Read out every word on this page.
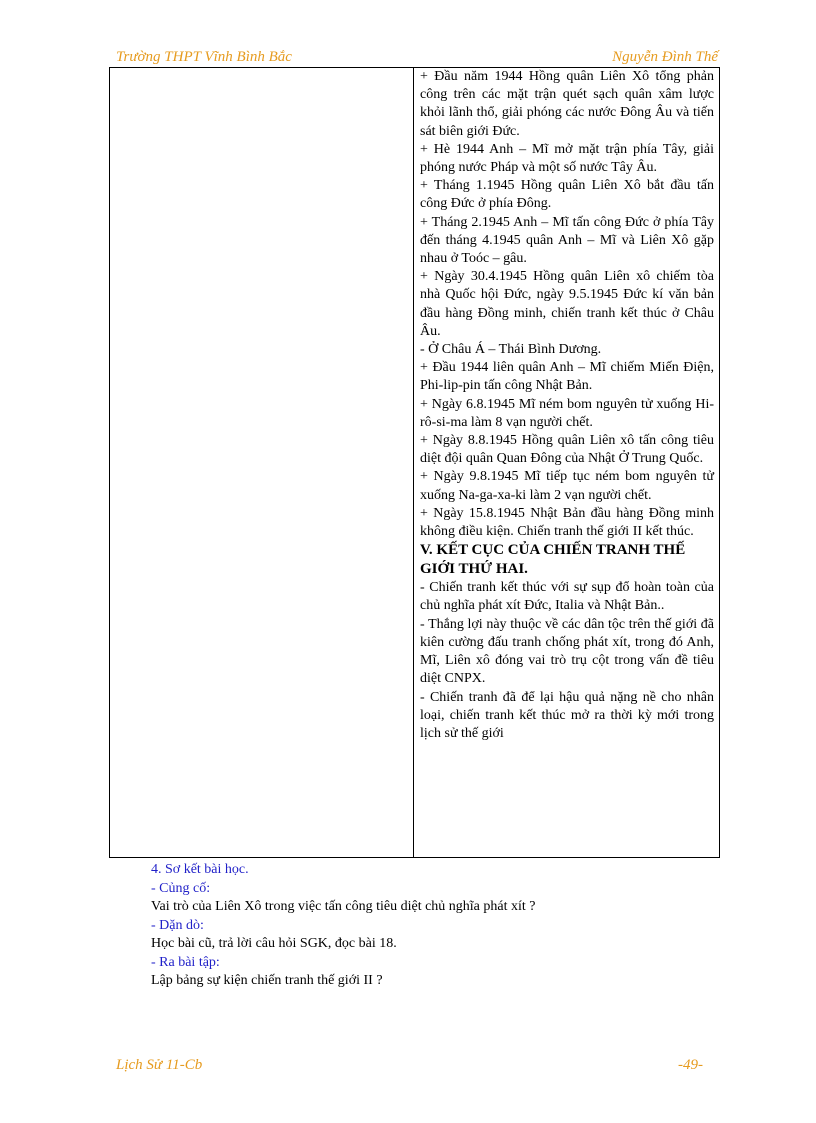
Trường THPT Vĩnh Bình Bắc	Nguyễn Đình Thế

+ Đầu năm 1944 Hồng quân Liên Xô tổng phản công trên các mặt trận quét sạch quân xâm lược khỏi lãnh thổ, giải phóng các nước Đông Âu và tiến sát biên giới Đức.

+ Hè 1944 Anh – Mĩ mở mặt trận phía Tây, giải phóng nước Pháp và một số nước Tây Âu.

+ Tháng 1.1945 Hồng quân Liên Xô bắt đầu tấn công Đức ở phía Đông.

+ Tháng 2.1945 Anh – Mĩ tấn công Đức ở phía Tây đến tháng 4.1945 quân Anh – Mĩ và Liên Xô gặp nhau ở Toóc – gâu.

+ Ngày 30.4.1945 Hồng quân Liên xô chiếm tòa nhà Quốc hội Đức, ngày 9.5.1945 Đức kí văn bản đầu hàng Đồng minh, chiến tranh kết thúc ở Châu Âu.

- Ở Châu Á – Thái Bình Dương.

+ Đầu 1944 liên quân Anh – Mĩ chiếm Miến Điện, Phi-lip-pin tấn công Nhật Bản.

+ Ngày 6.8.1945 Mĩ ném bom nguyên tử xuống Hi-rô-si-ma làm 8 vạn người chết.

+ Ngày 8.8.1945 Hồng quân Liên xô tấn công tiêu diệt đội quân Quan Đông của Nhật Ở Trung Quốc.

+ Ngày 9.8.1945 Mĩ tiếp tục ném bom nguyên tử xuống Na-ga-xa-ki làm 2 vạn người chết.

+ Ngày 15.8.1945 Nhật Bản đầu hàng Đồng minh không điều kiện. Chiến tranh thế giới II kết thúc.

V. KẾT CỤC CỦA CHIẾN TRANH THẾ GIỚI THỨ HAI.

- Chiến tranh kết thúc với sự sụp đổ hoàn toàn của chủ nghĩa phát xít Đức, Italia và Nhật Bản..

- Thắng lợi này thuộc về các dân tộc trên thế giới đã kiên cường đấu tranh chống phát xít, trong đó Anh, Mĩ, Liên xô đóng vai trò trụ cột trong vấn đề tiêu diệt CNPX.

- Chiến tranh đã để lại hậu quả nặng nề cho nhân loại, chiến tranh kết thúc mở ra thời kỳ mới trong lịch sử thế giới

4. Sơ kết bài học.
- Củng cố:
Vai trò của Liên Xô trong việc tấn công tiêu diệt chủ nghĩa phát xít ?
- Dặn dò:
Học bài cũ, trả lời câu hỏi SGK, đọc bài 18.
- Ra bài tập:
Lập bảng sự kiện chiến tranh thế giới II ?
Lịch Sử 11-Cb	-49-
